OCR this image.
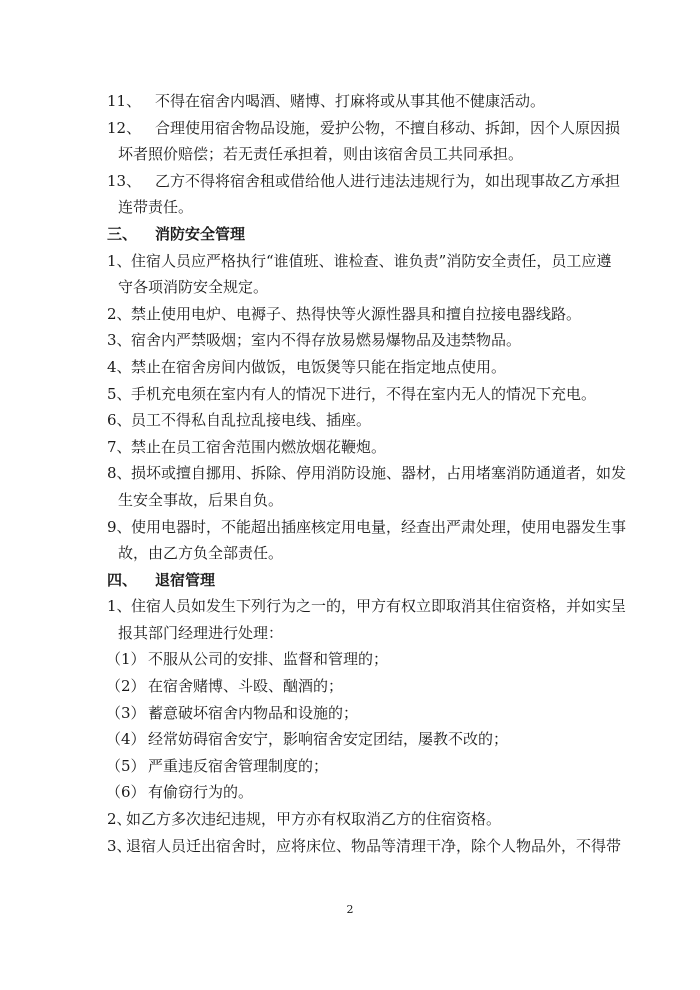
11、 不得在宿舍内喝酒、赌博、打麻将或从事其他不健康活动。
12、 合理使用宿舍物品设施，爱护公物，不擅自移动、拆卸，因个人原因损
坏者照价赔偿；若无责任承担着，则由该宿舍员工共同承担。
13、 乙方不得将宿舍租或借给他人进行违法违规行为，如出现事故乙方承担
连带责任。
三、 消防安全管理
1、 住宿人员应严格执行“谁值班、谁检查、谁负责”消防安全责任，员工应遵
守各项消防安全规定。
2、 禁止使用电炉、电褥子、热得快等火源性器具和擅自拉接电器线路。
3、 宿舍内严禁吸烟；室内不得存放易燃易爆物品及违禁物品。
4、 禁止在宿舍房间内做饭，电饭煲等只能在指定地点使用。
5、 手机充电须在室内有人的情况下进行，不得在室内无人的情况下充电。
6、 员工不得私自乱拉乱接电线、插座。
7、 禁止在员工宿舍范围内燃放烟花鞭炮。
8、 损坏或擅自挪用、拆除、停用消防设施、器材，占用堵塞消防通道者，如发
生安全事故，后果自负。
9、 使用电器时，不能超出插座核定用电量，经查出严肃处理，使用电器发生事
故，由乙方负全部责任。
四、 退宿管理
1、 住宿人员如发生下列行为之一的，甲方有权立即取消其住宿资格，并如实呈
报其部门经理进行处理：
（1） 不服从公司的安排、监督和管理的；
（2） 在宿舍赌博、斗殴、酗酒的；
（3） 蓄意破坏宿舍内物品和设施的；
（4） 经常妨碍宿舍安宁，影响宿舍安定团结，屡教不改的；
（5） 严重违反宿舍管理制度的；
（6） 有偷窃行为的。
2、
如乙方多次违纪违规，甲方亦有权取消乙方的住宿资格。
3、
退宿人员迁出宿舍时，应将床位、物品等清理干净，除个人物品外，不得带
2
